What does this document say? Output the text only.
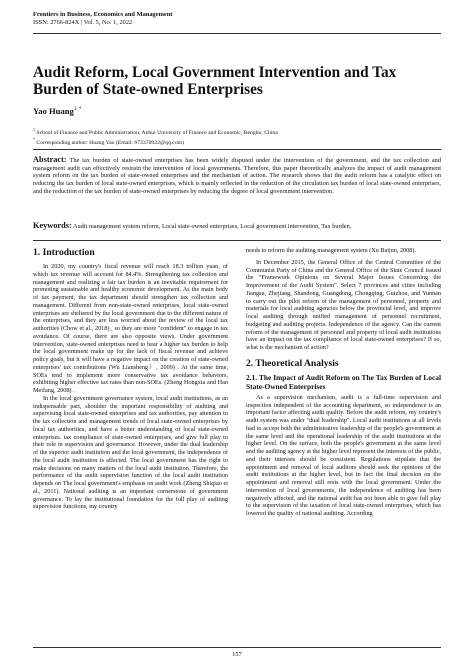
Frontiers in Business, Economics and Management
ISSN: 2766-824X | Vol. 5, No. 1, 2022
Audit Reform, Local Government Intervention and Tax Burden of State-owned Enterprises
Yao Huang$^{1, *}$
$^1$ School of Finance and Public Administration, Anhui University of Finance and Economic, Bengbu, China
* Corresponding author: Huang Yao (Email: 673370922@qq.com)
Abstract: The tax burden of state-owned enterprises has been widely disputed under the intervention of the government, and the tax collection and management audit can effectively restrain the intervention of local governments. Therefore, this paper theoretically analyzes the impact of audit management system reform on the tax burden of state-owned enterprises and the mechanism of action. The research shows that the audit reform has a catalytic effect on reducing the tax burden of local state-owned enterprises, which is mainly reflected in the reduction of the circulation tax burden of local state-owned enterprises, and the reduction of the tax burden of state-owned enterprises by reducing the degree of local government intervention.
Keywords: Audit management system reform, Local state-owned enterprises, Local government intervention, Tax burden.
1. Introduction

In 2020, my country's fiscal revenue will reach 18.3 trillion yuan, of which tax revenue will account for 84.4%. Strengthening tax collection and management and realizing a fair tax burden is an inevitable requirement for promoting sustainable and healthy economic development. As the main body of tax payment, the tax department should strengthen tax collection and management. Different from non-state-owned enterprises, local state-owned enterprises are sheltered by the local government due to the different nature of the enterprises, and they are less worried about the review of the local tax authorities (Chow et al., 2018) , so they are more "confident" to engage in tax avoidance. Of course, there are also opposite views. Under government intervention, state-owned enterprises need to bear a higher tax burden to help the local government make up for the lack of fiscal revenue and achieve policy goals, but it will have a negative impact on the creation of state-owned enterprises' tax contributions (Wu Liansheng）, 2009) . At the same time, SOEs tend to implement more conservative tax avoidance behaviors, exhibiting higher effective tax rates than non-SOEs. (Zheng Hongxia and Han Meifang, 2008) .

In the local government governance system, local audit institutions, as an indispensable part, shoulder the important responsibility of auditing and supervising local state-owned enterprises and tax authorities, pay attention to the tax collection and management trends of local state-owned enterprises by local tax authorities, and have a better understanding of local state-owned enterprises. tax compliance of state-owned enterprises, and give full play to their role in supervision and governance. However, under the dual leadership of the superior audit institution and the local government, the independence of the local audit institution is affected. The local government has the right to make decisions on many matters of the local audit institution. Therefore, the performance of the audit supervision function of the local audit institution depends on The local government's emphasis on audit work (Zheng Shiqiao et al., 2011). National auditing is an important cornerstone of government governance. To lay the institutional foundation for the full play of auditing supervision functions, my country

needs to reform the auditing management system (Xu Baijun, 2008).

In December 2015, the General Office of the Central Committee of the Communist Party of China and the General Office of the State Council issued the "Framework Opinions on Several Major Issues Concerning the Improvement of the Audit System". Select 7 provinces and cities including Jiangsu, Zhejiang, Shandong, Guangdong, Chongqing, Guizhou, and Yunnan to carry out the pilot reform of the management of personnel, property and materials for local auditing agencies below the provincial level, and improve local auditing through unified management of personnel recruitment, budgeting and auditing projects. Independence of the agency. Can the current reform of the management of personnel and property of local audit institutions have an impact on the tax compliance of local state-owned enterprises? If so, what is the mechanism of action?

2. Theoretical Analysis
2.1. The Impact of Audit Reform on The Tax Burden of Local State-Owned Enterprises

As a supervision mechanism, audit is a full-time supervision and inspection independent of the accounting department, so independence is an important factor affecting audit quality. Before the audit reform, my country's audit system was under "dual leadership". Local audit institutions at all levels had to accept both the administrative leadership of the people's government at the same level and the operational leadership of the audit institutions at the higher level. On the surface, both the people's government at the same level and the auditing agency at the higher level represent the interests of the public, and their interests should be consistent. Regulations stipulate that the appointment and removal of local auditors should seek the opinions of the audit institutions at the higher level, but in fact the final decision on the appointment and removal still rests with the local government. Under the intervention of local governments, the independence of auditing has been negatively affected, and the national audit has not been able to give full play to the supervision of the taxation of local state-owned enterprises, which has lowered the quality of national auditing. According

157
